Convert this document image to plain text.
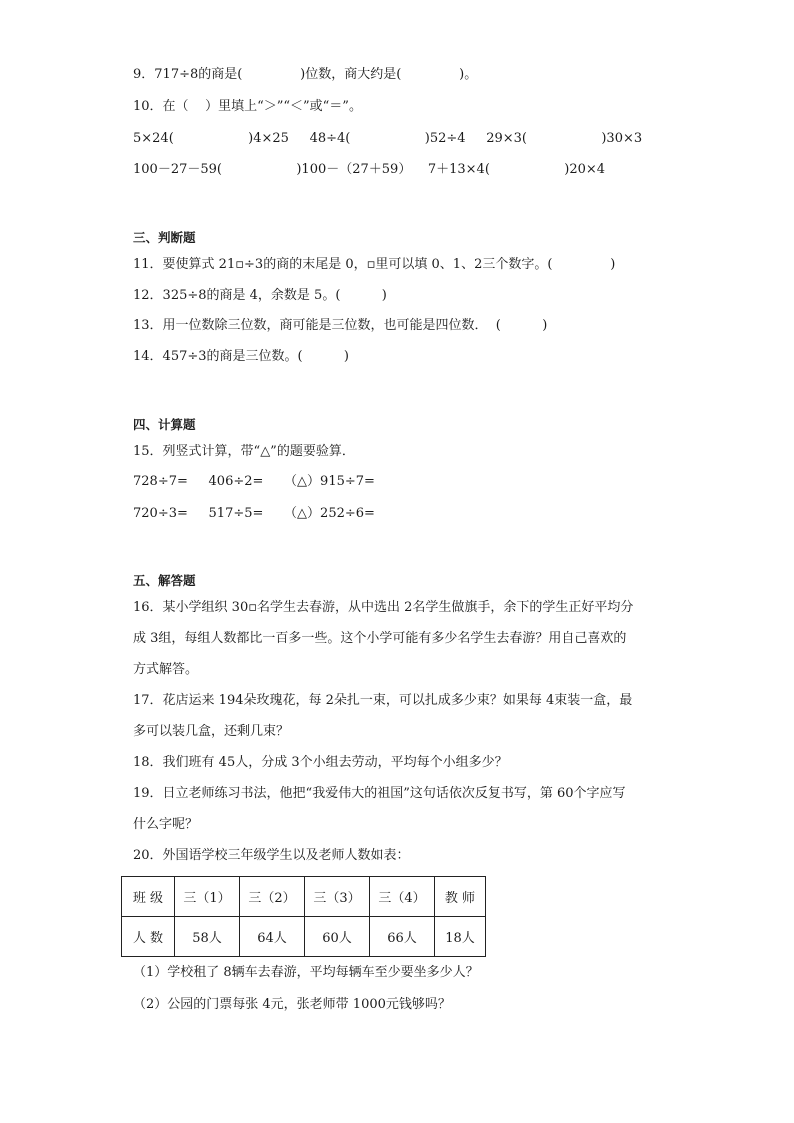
9．717÷8的商是(              )位数，商大约是(              )。
10．在（    ）里填上“＞”“＜”或“＝”。
5×24(                  )4×25     48÷4(                  )52÷4     29×3(                  )30×3
100－27－59(                  )100－（27＋59）    7＋13×4(                  )20×4
三、判断题
11．要使算式 21▫÷3的商的末尾是 0，▫里可以填 0、1、2三个数字。(              )
12．325÷8的商是 4，余数是 5。(          )
13．用一位数除三位数，商可能是三位数，也可能是四位数．  (          )
14．457÷3的商是三位数。(          )
四、计算题
15．列竖式计算，带“△”的题要验算．
728÷7=     406÷2=     （△）915÷7=
720÷3=     517÷5=     （△）252÷6=
五、解答题
16．某小学组织 30▫名学生去春游，从中选出 2名学生做旗手，余下的学生正好平均分
成 3组，每组人数都比一百多一些。这个小学可能有多少名学生去春游？用自己喜欢的
方式解答。
17．花店运来 194朵玫瑰花，每 2朵扎一束，可以扎成多少束？如果每 4束装一盒，最
多可以装几盒，还剩几束？
18．我们班有 45人，分成 3个小组去劳动，平均每个小组多少？
19．日立老师练习书法，他把“我爱伟大的祖国”这句话依次反复书写，第 60个字应写
什么字呢？
20．外国语学校三年级学生以及老师人数如表：
班 级	三（1）	三（2）	三（3）	三（4）	教 师
人 数	58人	64人	60人	66人	18人
（1）学校租了 8辆车去春游，平均每辆车至少要坐多少人？
（2）公园的门票每张 4元，张老师带 1000元钱够吗？
